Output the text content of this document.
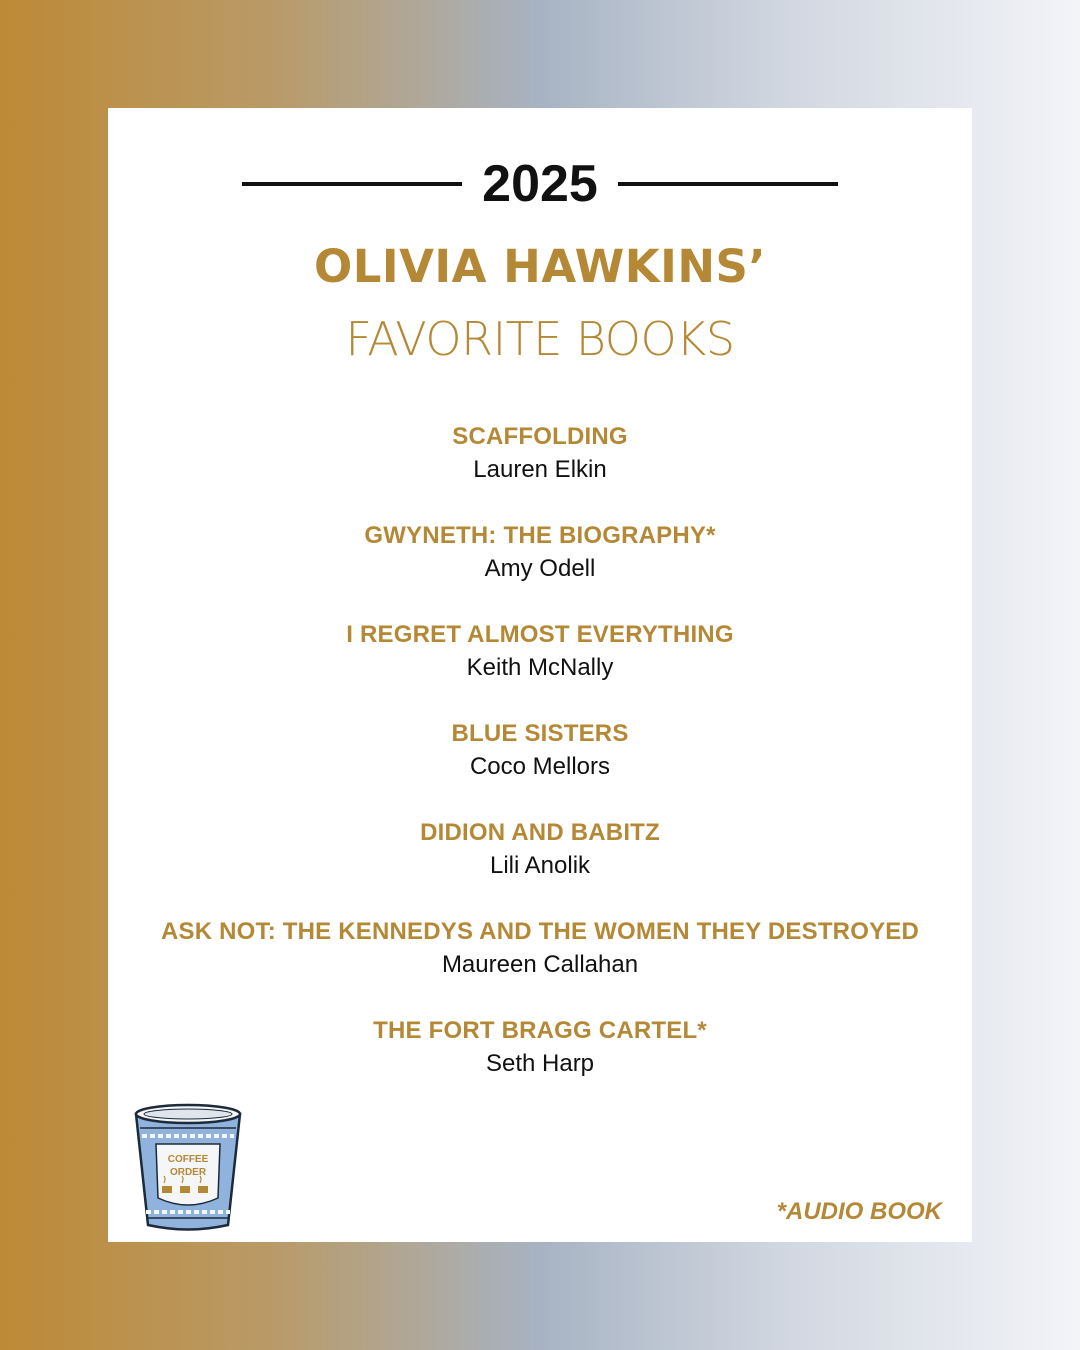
2025
OLIVIA HAWKINS’
FAVORITE BOOKS
SCAFFOLDING
Lauren Elkin
GWYNETH: THE BIOGRAPHY*
Amy Odell
I REGRET ALMOST EVERYTHING
Keith McNally
BLUE SISTERS
Coco Mellors
DIDION AND BABITZ
Lili Anolik
ASK NOT: THE KENNEDYS AND THE WOMEN THEY DESTROYED
Maureen Callahan
THE FORT BRAGG CARTEL*
Seth Harp
COFFEE
ORDER
*AUDIO BOOK
